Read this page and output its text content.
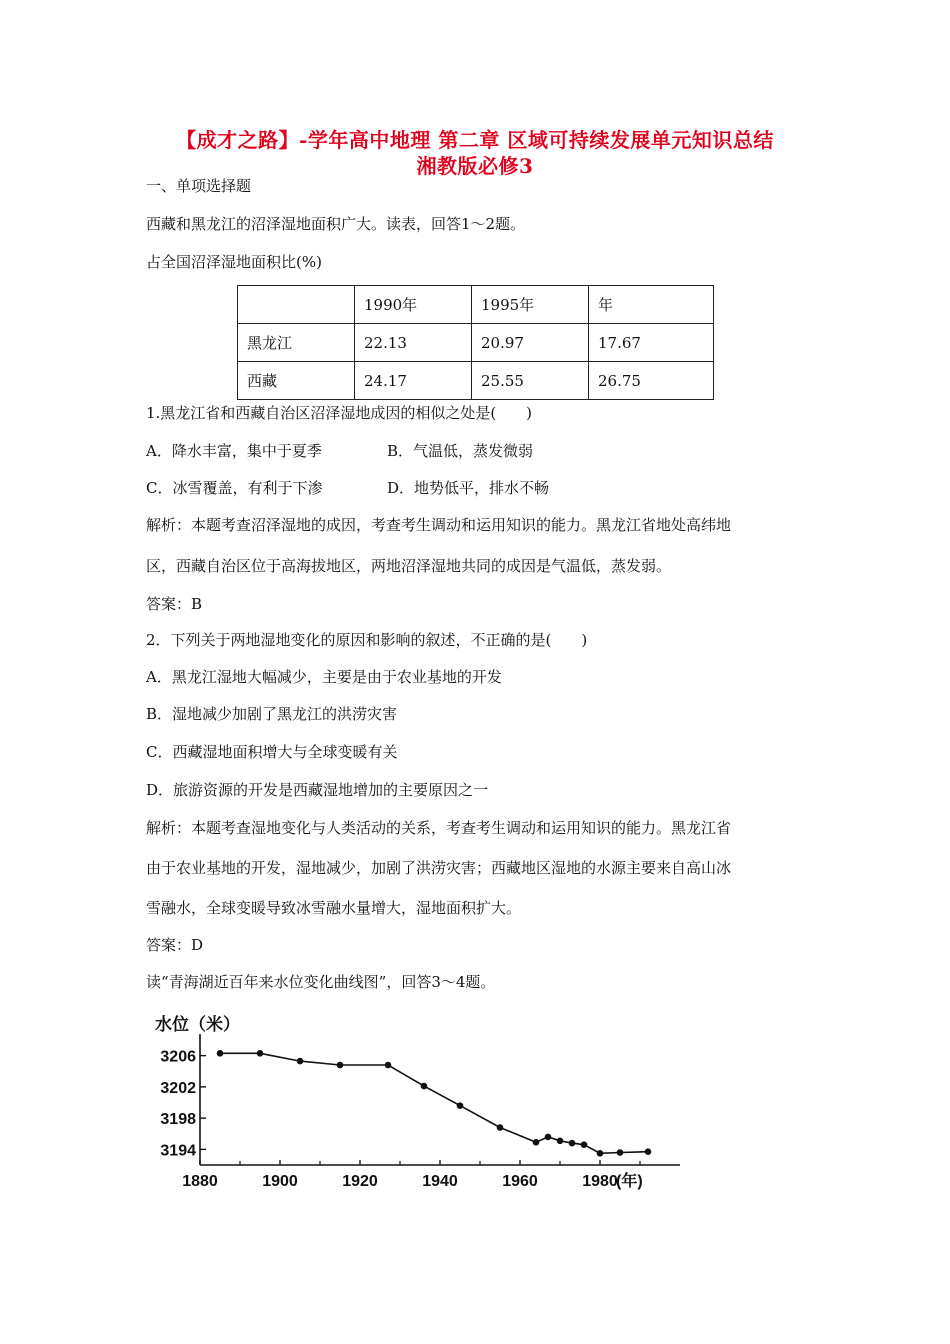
【成才之路】-学年高中地理 第二章 区域可持续发展单元知识总结
湘教版必修3
一、单项选择题
西藏和黑龙江的沼泽湿地面积广大。读表，回答1～2题。
占全国沼泽湿地面积比(%)
	1990年	1995年	年
黑龙江	22.13	20.97	17.67
西藏	24.17	25.55	26.75
1.黑龙江省和西藏自治区沼泽湿地成因的相似之处是(　　)
A．降水丰富，集中于夏季	B．气温低，蒸发微弱
C．冰雪覆盖，有利于下渗	D．地势低平，排水不畅
解析：本题考查沼泽湿地的成因，考查考生调动和运用知识的能力。黑龙江省地处高纬地
区，西藏自治区位于高海拔地区，两地沼泽湿地共同的成因是气温低，蒸发弱。
答案：B
2．下列关于两地湿地变化的原因和影响的叙述，不正确的是(　　)
A．黑龙江湿地大幅减少，主要是由于农业基地的开发
B．湿地减少加剧了黑龙江的洪涝灾害
C．西藏湿地面积增大与全球变暖有关
D．旅游资源的开发是西藏湿地增加的主要原因之一
解析：本题考查湿地变化与人类活动的关系，考查考生调动和运用知识的能力。黑龙江省
由于农业基地的开发，湿地减少，加剧了洪涝灾害；西藏地区湿地的水源主要来自高山冰
雪融水，全球变暖导致冰雪融水量增大，湿地面积扩大。
答案：D
读“青海湖近百年来水位变化曲线图”，回答3～4题。
水位（米）
3194
3198
3202
3206
1880	1900	1920	1940	1960	1980
(年)
